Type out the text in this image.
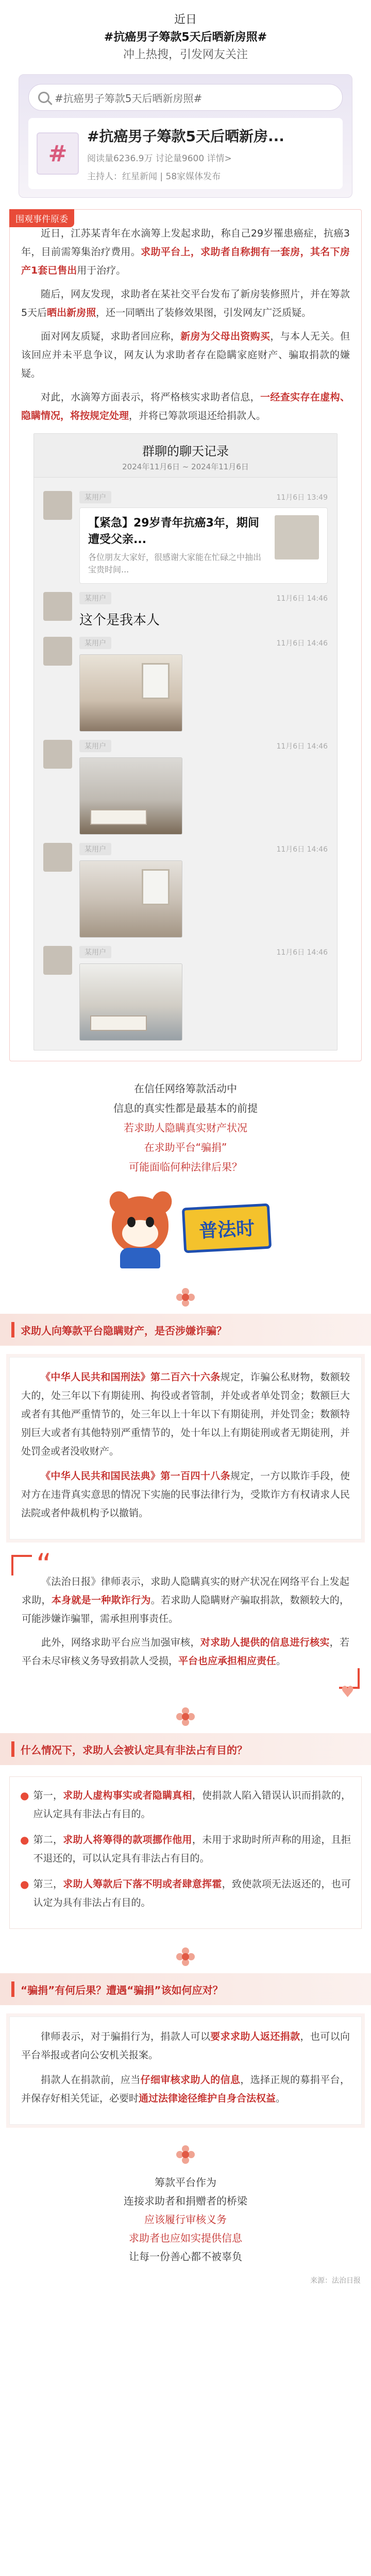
近日
#抗癌男子筹款5天后晒新房照#
冲上热搜，引发网友关注
#抗癌男子筹款5天后晒新房照#
#
#抗癌男子筹款5天后晒新房...
阅读量6236.9万 讨论量9600 详情>
主持人：红星新闻 | 58家媒体发布
围观事件原委

近日，江苏某青年在水滴筹上发起求助，称自己29岁罹患癌症，抗癌3年，目前需筹集治疗费用。求助平台上，求助者自称拥有一套房，其名下房产1套已售出用于治疗。

随后，网友发现，求助者在某社交平台发布了新房装修照片，并在筹款5天后晒出新房照，还一同晒出了装修效果图，引发网友广泛质疑。

面对网友质疑，求助者回应称，新房为父母出资购买，与本人无关。但该回应并未平息争议，网友认为求助者存在隐瞒家庭财产、骗取捐款的嫌疑。

对此，水滴筹方面表示，将严格核实求助者信息，一经查实存在虚构、隐瞒情况，将按规定处理，并将已筹款项退还给捐款人。

群聊的聊天记录
2024年11月6日 ~ 2024年11月6日
某用户	11月6日 13:49
【紧急】29岁青年抗癌3年，期间遭受父亲...
各位朋友大家好，很感谢大家能在忙碌之中抽出宝贵时间...
某用户	11月6日 14:46
这个是我本人
某用户	11月6日 14:46
某用户	11月6日 14:46
某用户	11月6日 14:46
某用户	11月6日 14:46

在信任网络筹款活动中

信息的真实性都是最基本的前提

若求助人隐瞒真实财产状况

在求助平台“骗捐”

可能面临何种法律后果？

普法时
求助人向筹款平台隐瞒财产，是否涉嫌诈骗？

《中华人民共和国刑法》第二百六十六条规定，诈骗公私财物，数额较大的，处三年以下有期徒刑、拘役或者管制，并处或者单处罚金；数额巨大或者有其他严重情节的，处三年以上十年以下有期徒刑，并处罚金；数额特别巨大或者有其他特别严重情节的，处十年以上有期徒刑或者无期徒刑，并处罚金或者没收财产。

《中华人民共和国民法典》第一百四十八条规定，一方以欺诈手段，使对方在违背真实意思的情况下实施的民事法律行为，受欺诈方有权请求人民法院或者仲裁机构予以撤销。

“

《法治日报》律师表示，求助人隐瞒真实的财产状况在网络平台上发起求助，本身就是一种欺诈行为。若求助人隐瞒财产骗取捐款，数额较大的，可能涉嫌诈骗罪，需承担刑事责任。

此外，网络求助平台应当加强审核，对求助人提供的信息进行核实，若平台未尽审核义务导致捐款人受损，平台也应承担相应责任。

♥
什么情况下，求助人会被认定具有非法占有目的？
● 第一，求助人虚构事实或者隐瞒真相，使捐款人陷入错误认识而捐款的，应认定具有非法占有目的。
● 第二，求助人将筹得的款项挪作他用，未用于求助时所声称的用途，且拒不退还的，可以认定具有非法占有目的。
● 第三，求助人筹款后下落不明或者肆意挥霍，致使款项无法返还的，也可认定为具有非法占有目的。
“骗捐”有何后果？遭遇“骗捐”该如何应对？

律师表示，对于骗捐行为，捐款人可以要求求助人返还捐款，也可以向平台举报或者向公安机关报案。

捐款人在捐款前，应当仔细审核求助人的信息，选择正规的募捐平台，并保存好相关凭证，必要时通过法律途径维护自身合法权益。

筹款平台作为

连接求助者和捐赠者的桥梁

应该履行审核义务

求助者也应如实提供信息

让每一份善心都不被辜负

来源：法治日报
